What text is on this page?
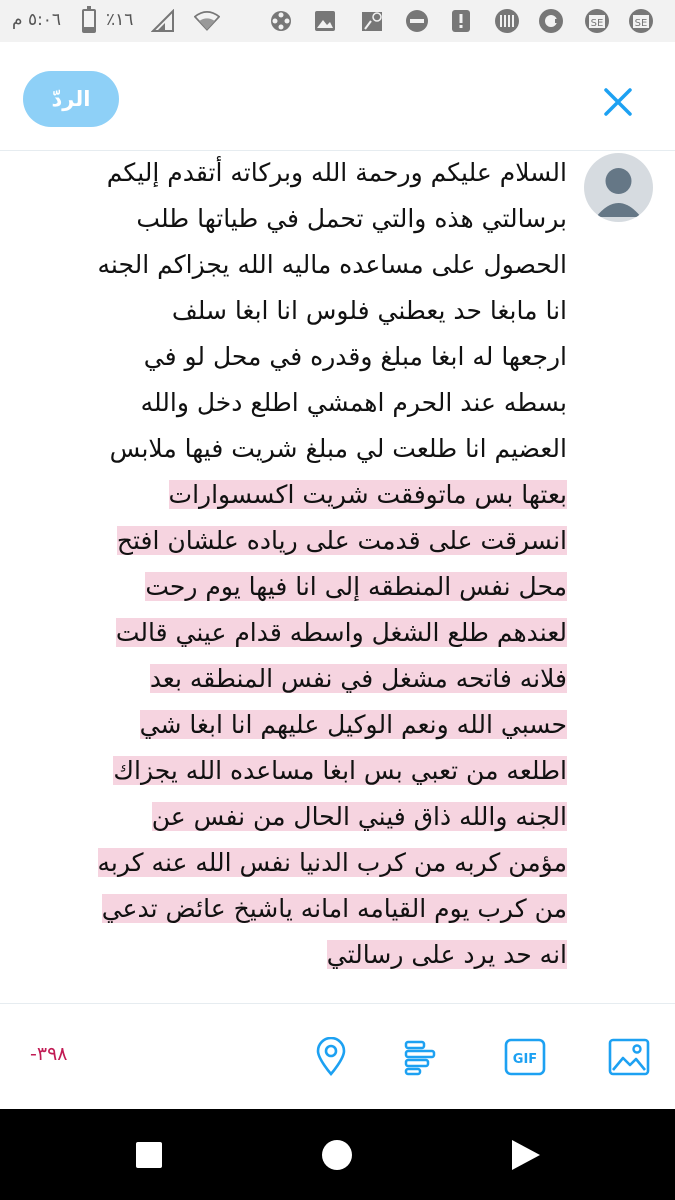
٥:٠٦ م	٪١٦	SE	SE
الردّ
السلام عليكم ورحمة الله وبركاته أتقدم إليكم
برسالتي هذه والتي تحمل في طياتها طلب
الحصول على مساعده ماليه الله يجزاكم الجنه
انا مابغا حد يعطني فلوس انا ابغا سلف
ارجعها له ابغا مبلغ وقدره في محل لو في
بسطه عند الحرم اهمشي اطلع دخل والله
العضيم انا طلعت لي مبلغ شريت فيها ملابس
بعتها بس ماتوفقت شريت اكسسوارات
انسرقت على قدمت على رياده علشان افتح
محل نفس المنطقه إلى انا فيها يوم رحت
لعندهم طلع الشغل واسطه قدام عيني قالت
فلانه فاتحه مشغل في نفس المنطقه بعد
حسبي الله ونعم الوكيل عليهم انا ابغا شي
اطلعه من تعبي بس ابغا مساعده الله يجزاك
الجنه والله ذاق فيني الحال من نفس عن
مؤمن كربه من كرب الدنيا نفس الله عنه كربه
من كرب يوم القيامه امانه ياشيخ عائض تدعي
انه حد يرد على رسالتي
-٣٩٨	GIF
